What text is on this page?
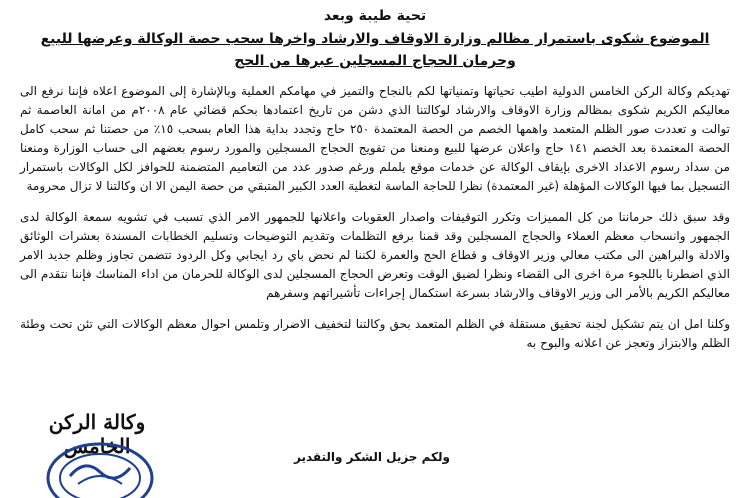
تحية طيبة وبعد
الموضوع شكوى باستمرار مظالم وزارة الاوقاف والارشاد واخرها سحب حصة الوكالة وعرضها للبيع وحرمان الحجاج المسجلين عبرها من الحج

تهديكم وكالة الركن الخامس الدولية اطيب تحياتها وتمنياتها لكم بالنجاح والتميز في مهامكم العملية وبالإشارة إلى الموضوع اعلاه فإننا نرفع الى معاليكم الكريم شكوى بمظالم وزارة الاوقاف والارشاد لوكالتنا الذي دشن من تاريخ اعتمادها بحكم قضائي عام ٢٠٠٨م من امانة العاصمة ثم توالت و تعددت صور الظلم المتعمد واهمها الخصم من الحصة المعتمدة ٢٥٠ حاج وتجدد بداية هذا العام بسحب ١٥٪ من حصتنا ثم سحب كامل الحصة المعتمدة بعد الخصم ١٤١ حاج واعلان عرضها للبيع ومنعنا من تفويج الحجاج المسجلين والمورد رسوم بعضهم الى حساب الوزارة ومنعنا من سداد رسوم الاعداد الاخرى بإيقاف الوكالة عن خدمات موقع يلملم ورغم صدور عدد من التعاميم المتضمنة للحوافز لكل الوكالات باستمرار التسجيل بما فيها الوكالات المؤهلة (غير المعتمدة) نظرا للحاجة الماسة لتغطية العدد الكبير المتبقي من حصة اليمن الا ان وكالتنا لا تزال محرومة

وقد سبق ذلك حرماننا من كل المميزات وتكرر التوقيفات واصدار العقوبات واعلانها للجمهور الامر الذي تسبب في تشويه سمعة الوكالة لدى الجمهور وانسحاب معظم العملاء والحجاج المسجلين وقد قمنا برفع التظلمات وتقديم التوضيحات وتسليم الخطابات المسندة بعشرات الوثائق والادلة والبراهين الى مكتب معالي وزير الاوقاف و قطاع الحج والعمرة لكننا لم نحض باي رد ايجابي وكل الردود تتضمن تجاوز وظلم جديد الامر الذي اضطرنا باللجوء مرة اخرى الى القضاء ونظرا لضيق الوقت وتعرض الحجاج المسجلين لدى الوكالة للحرمان من اداء المناسك فإننا نتقدم الى معاليكم الكريم بالأمر الى وزير الاوقاف والارشاد بسرعة استكمال إجراءات تأشيراتهم وسفرهم

وكلنا امل ان يتم تشكيل لجنة تحقيق مستقلة في الظلم المتعمد بحق وكالتنا لتخفيف الاضرار وتلمس احوال معظم الوكالات التي تئن تحت وطئة الظلم والابتزاز وتعجز عن اعلانه والبوح به

وكالة الركن الخامس	ولكم جزيل الشكر والتقدير
